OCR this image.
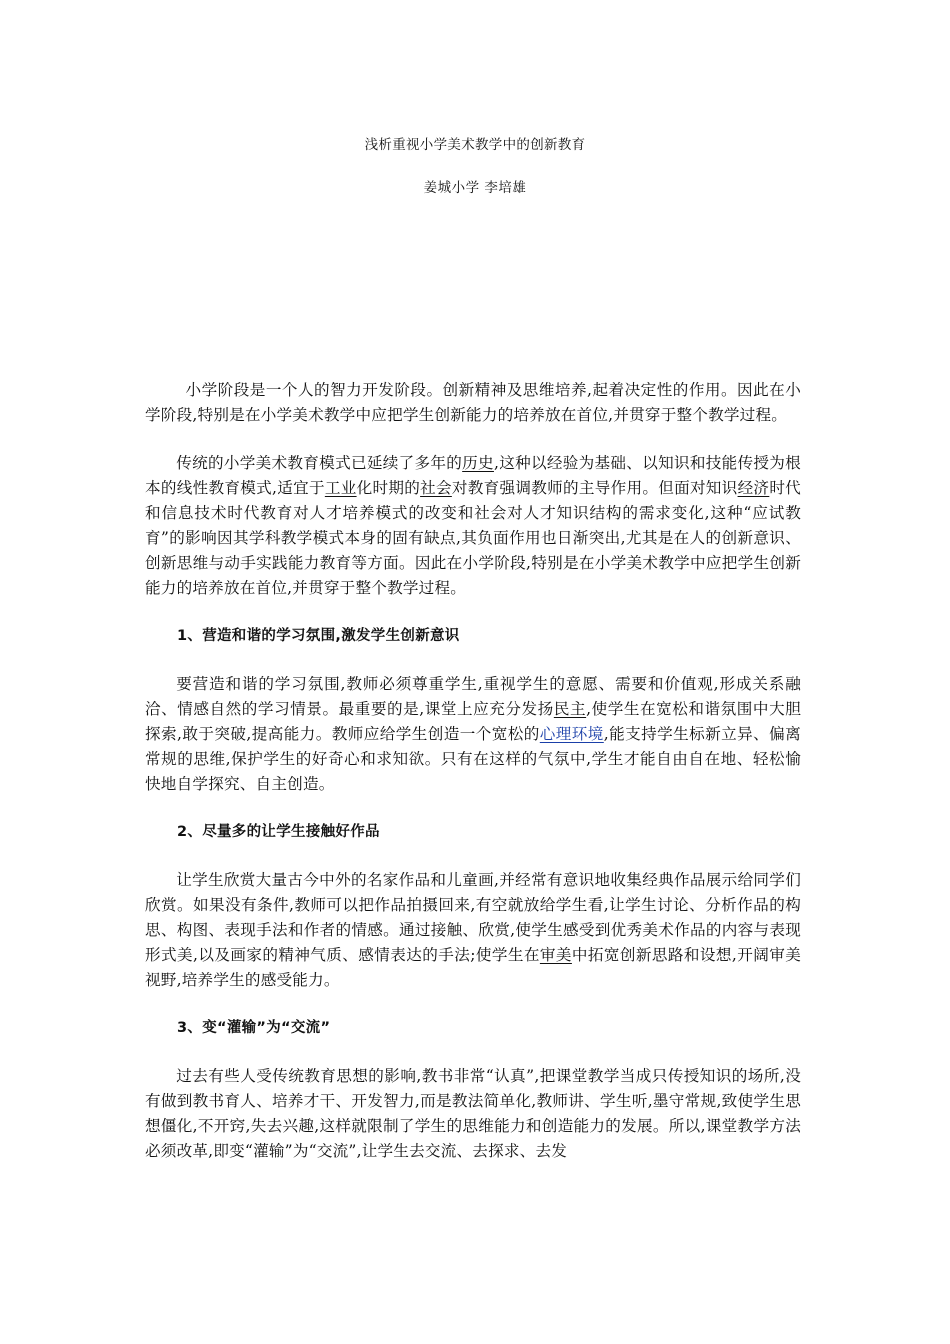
浅析重视小学美术教学中的创新教育
姜城小学 李培雄

小学阶段是一个人的智力开发阶段。创新精神及思维培养,起着决定性的作用。因此在小学阶段,特别是在小学美术教学中应把学生创新能力的培养放在首位,并贯穿于整个教学过程。

传统的小学美术教育模式已延续了多年的历史,这种以经验为基础、以知识和技能传授为根本的线性教育模式,适宜于工业化时期的社会对教育强调教师的主导作用。但面对知识经济时代和信息技术时代教育对人才培养模式的改变和社会对人才知识结构的需求变化,这种“应试教育”的影响因其学科教学模式本身的固有缺点,其负面作用也日渐突出,尤其是在人的创新意识、创新思维与动手实践能力教育等方面。因此在小学阶段,特别是在小学美术教学中应把学生创新能力的培养放在首位,并贯穿于整个教学过程。

1、营造和谐的学习氛围,激发学生创新意识

要营造和谐的学习氛围,教师必须尊重学生,重视学生的意愿、需要和价值观,形成关系融洽、情感自然的学习情景。最重要的是,课堂上应充分发扬民主,使学生在宽松和谐氛围中大胆探索,敢于突破,提高能力。教师应给学生创造一个宽松的心理环境,能支持学生标新立异、偏离常规的思维,保护学生的好奇心和求知欲。只有在这样的气氛中,学生才能自由自在地、轻松愉快地自学探究、自主创造。

2、尽量多的让学生接触好作品

让学生欣赏大量古今中外的名家作品和儿童画,并经常有意识地收集经典作品展示给同学们欣赏。如果没有条件,教师可以把作品拍摄回来,有空就放给学生看,让学生讨论、分析作品的构思、构图、表现手法和作者的情感。通过接触、欣赏,使学生感受到优秀美术作品的内容与表现形式美,以及画家的精神气质、感情表达的手法;使学生在审美中拓宽创新思路和设想,开阔审美视野,培养学生的感受能力。

3、变“灌输”为“交流”

过去有些人受传统教育思想的影响,教书非常“认真”,把课堂教学当成只传授知识的场所,没有做到教书育人、培养才干、开发智力,而是教法简单化,教师讲、学生听,墨守常规,致使学生思想僵化,不开窍,失去兴趣,这样就限制了学生的思维能力和创造能力的发展。所以,课堂教学方法必须改革,即变“灌输”为“交流”,让学生去交流、去探求、去发
